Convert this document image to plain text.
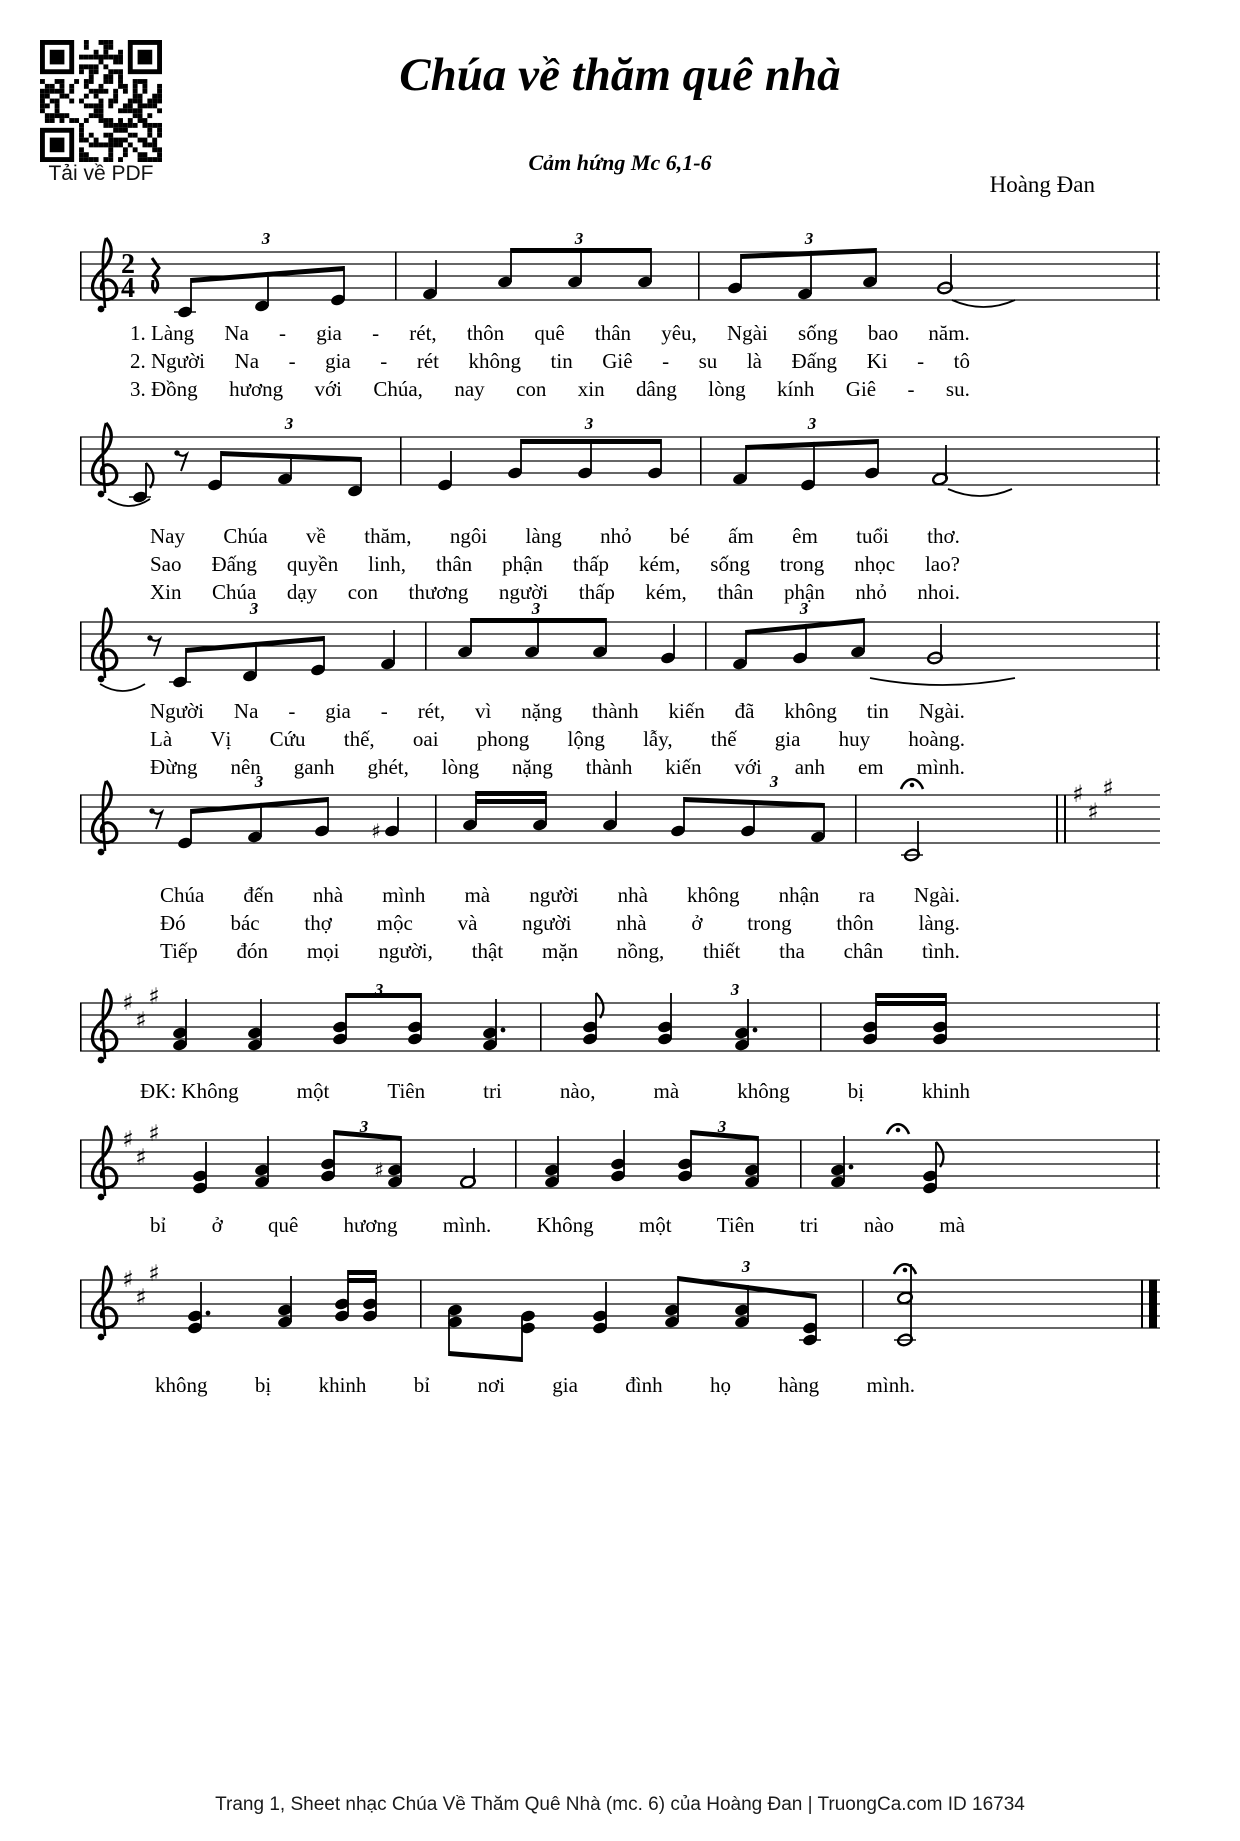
Tải về PDF
Chúa về thăm quê nhà
Cảm hứng Mc 6,1-6
Hoàng Đan
2
4
3	3	3
1. Làng Na - gia - rét, thôn quê thân yêu, Ngài sống bao năm.
2. Người Na - gia - rét không tin Giê - su là Đấng Ki - tô
3. Đồng hương với Chúa, nay con xin dâng lòng kính Giê - su.
3	3	3
Nay Chúa về thăm, ngôi làng nhỏ bé ấm êm tuổi thơ.
Sao Đấng quyền linh, thân phận thấp kém, sống trong nhọc lao?
Xin Chúa dạy con thương người thấp kém, thân phận nhỏ nhoi.
3	3	3
Người Na - gia - rét, vì nặng thành kiến đã không tin Ngài.
Là Vị Cứu thế, oai phong lộng lẫy, thế gia huy hoàng.
Đừng nên ganh ghét, lòng nặng thành kiến với anh em mình.
♯
♯
♯
♯
3	3
Chúa đến nhà mình mà người nhà không nhận ra Ngài.
Đó bác thợ mộc và người nhà ở trong thôn làng.
Tiếp đón mọi người, thật mặn nồng, thiết tha chân tình.
♯
♯
♯	3	3
ĐK: Không	một	Tiên	tri	nào,	mà	không	bị	khinh
♯
♯
♯
♯
3	3
bỉ ở quê hương mình. Không một Tiên tri nào mà
♯
♯
♯	3
không bị khinh bỉ nơi gia đình họ hàng mình.
Trang 1, Sheet nhạc Chúa Về Thăm Quê Nhà (mc. 6) của Hoàng Đan | TruongCa.com ID 16734
